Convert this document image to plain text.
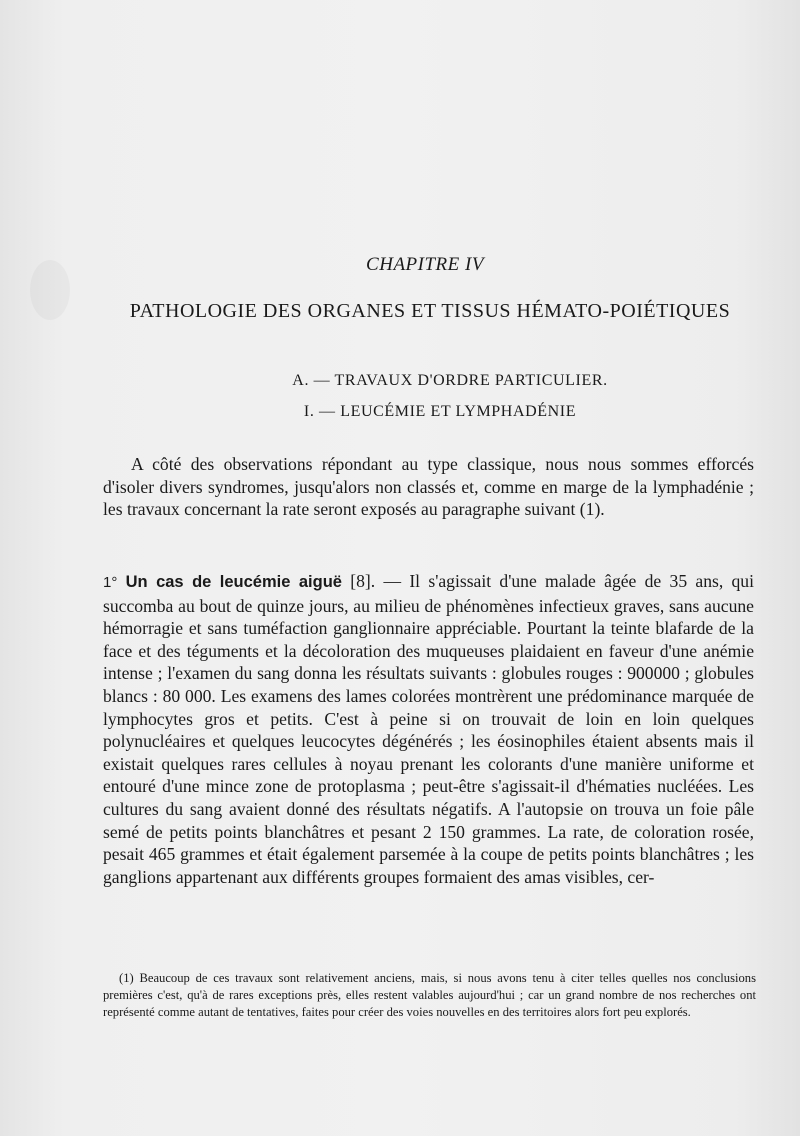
CHAPITRE IV
PATHOLOGIE DES ORGANES ET TISSUS HÉMATO-POIÉTIQUES
A. — TRAVAUX D'ORDRE PARTICULIER.
I. — LEUCÉMIE ET LYMPHADÉNIE

A côté des observations répondant au type classique, nous nous sommes efforcés d'isoler divers syndromes, jusqu'alors non classés et, comme en marge de la lymphadénie ; les travaux concernant la rate seront exposés au paragraphe suivant (1).

1° Un cas de leucémie aiguë [8]. — Il s'agissait d'une malade âgée de 35 ans, qui succomba au bout de quinze jours, au milieu de phénomènes infectieux graves, sans aucune hémorragie et sans tuméfaction ganglionnaire appréciable. Pourtant la teinte blafarde de la face et des téguments et la décoloration des muqueuses plaidaient en faveur d'une anémie intense ; l'examen du sang donna les résultats suivants : globules rouges : 900000 ; globules blancs : 80 000. Les examens des lames colorées montrèrent une prédominance marquée de lymphocytes gros et petits. C'est à peine si on trouvait de loin en loin quelques polynucléaires et quelques leucocytes dégénérés ; les éosinophiles étaient absents mais il existait quelques rares cellules à noyau prenant les colorants d'une manière uniforme et entouré d'une mince zone de protoplasma ; peut-être s'agissait-il d'hématies nucléées. Les cultures du sang avaient donné des résultats négatifs. A l'autopsie on trouva un foie pâle semé de petits points blanchâtres et pesant 2 150 grammes. La rate, de coloration rosée, pesait 465 grammes et était également parsemée à la coupe de petits points blanchâtres ; les ganglions appartenant aux différents groupes formaient des amas visibles, cer-

(1) Beaucoup de ces travaux sont relativement anciens, mais, si nous avons tenu à citer telles quelles nos conclusions premières c'est, qu'à de rares exceptions près, elles restent valables aujourd'hui ; car un grand nombre de nos recherches ont représenté comme autant de tentatives, faites pour créer des voies nouvelles en des territoires alors fort peu explorés.
